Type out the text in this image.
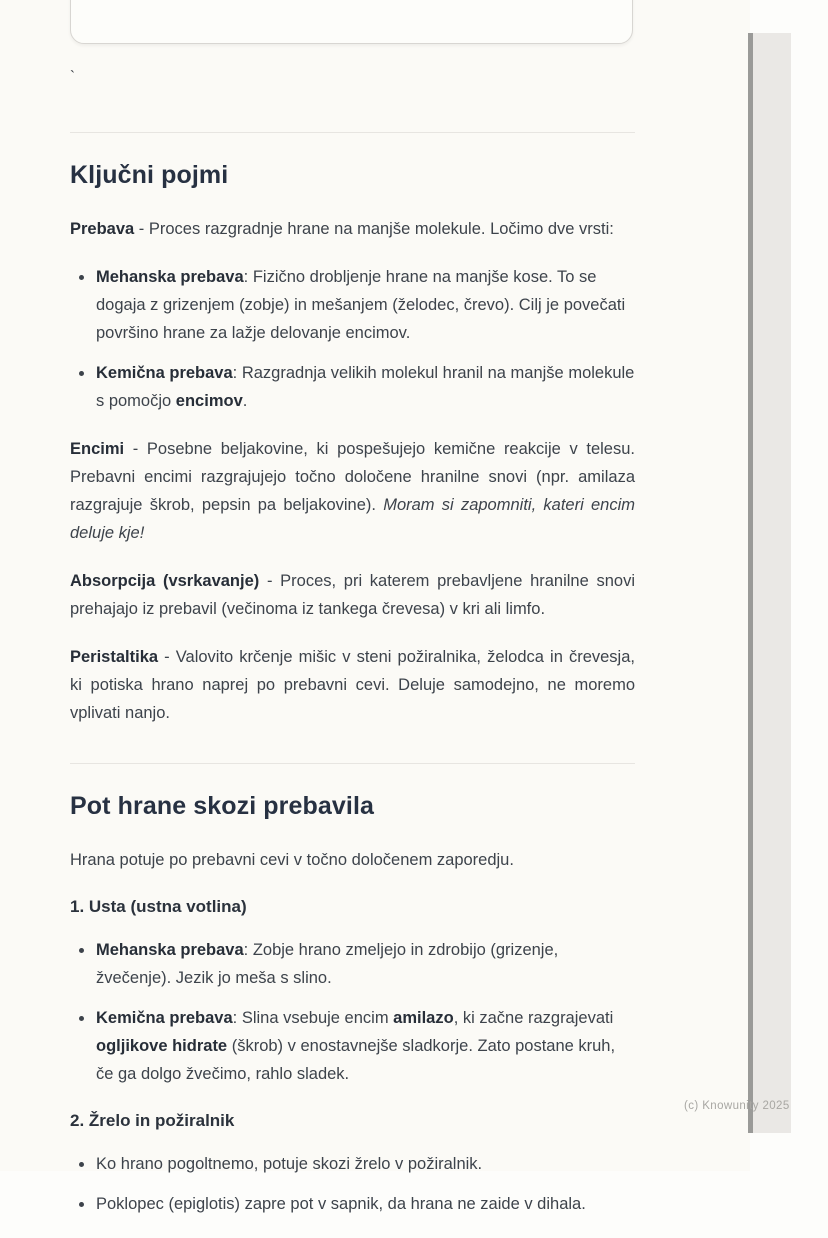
`
Ključni pojmi

Prebava - Proces razgradnje hrane na manjše molekule. Ločimo dve vrsti:

• Mehanska prebava: Fizično drobljenje hrane na manjše kose. To se dogaja z grizenjem (zobje) in mešanjem (želodec, črevo). Cilj je povečati površino hrane za lažje delovanje encimov.
• Kemična prebava: Razgradnja velikih molekul hranil na manjše molekule s pomočjo encimov.

Encimi - Posebne beljakovine, ki pospešujejo kemične reakcije v telesu. Prebavni encimi razgrajujejo točno določene hranilne snovi (npr. amilaza razgrajuje škrob, pepsin pa beljakovine). Moram si zapomniti, kateri encim deluje kje!

Absorpcija (vsrkavanje) - Proces, pri katerem prebavljene hranilne snovi prehajajo iz prebavil (večinoma iz tankega črevesa) v kri ali limfo.

Peristaltika - Valovito krčenje mišic v steni požiralnika, želodca in črevesja, ki potiska hrano naprej po prebavni cevi. Deluje samodejno, ne moremo vplivati nanjo.

Pot hrane skozi prebavila

Hrana potuje po prebavni cevi v točno določenem zaporedju.

1. Usta (ustna votlina)

• Mehanska prebava: Zobje hrano zmeljejo in zdrobijo (grizenje, žvečenje). Jezik jo meša s slino.
• Kemična prebava: Slina vsebuje encim amilazo, ki začne razgrajevati ogljikove hidrate (škrob) v enostavnejše sladkorje. Zato postane kruh, če ga dolgo žvečimo, rahlo sladek.

2. Žrelo in požiralnik

• Ko hrano pogoltnemo, potuje skozi žrelo v požiralnik.
• Poklopec (epiglotis) zapre pot v sapnik, da hrana ne zaide v dihala.
(c) Knowunity 2025
